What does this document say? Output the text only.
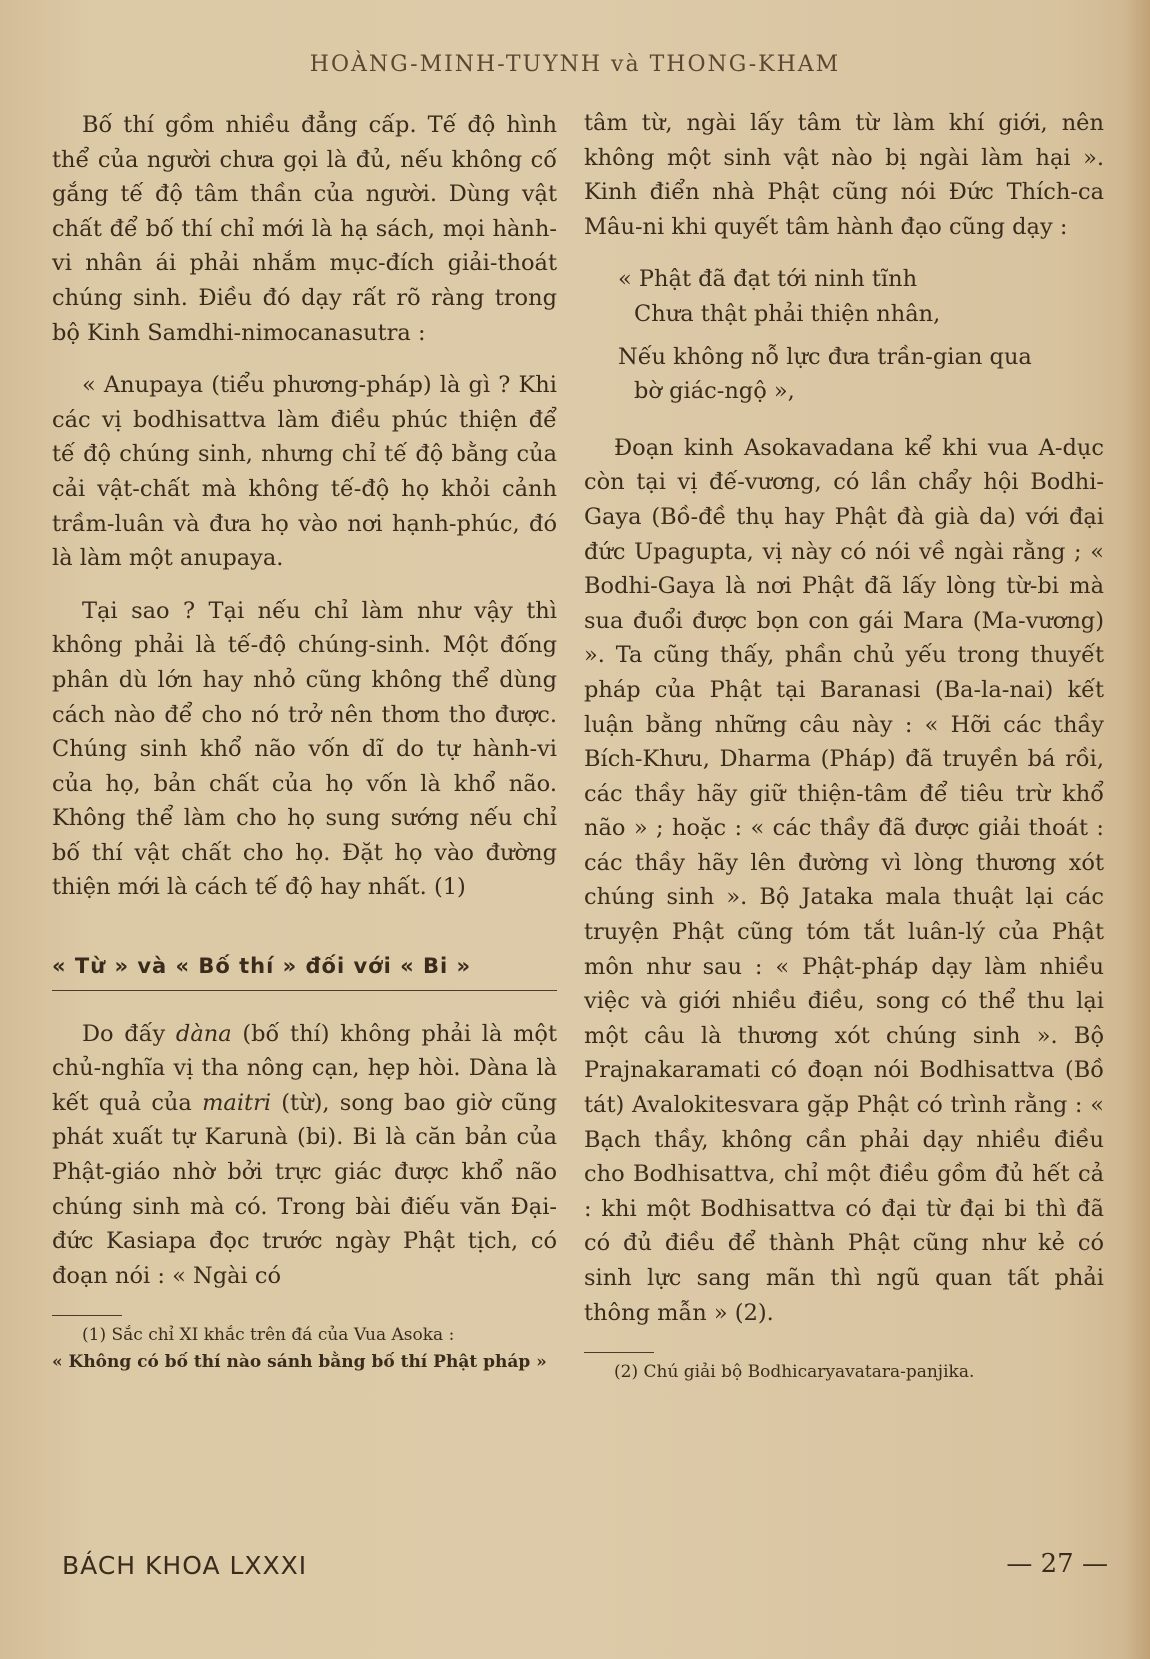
HOÀNG-MINH-TUYNH và THONG-KHAM

Bố thí gồm nhiều đẳng cấp. Tế độ hình thể của người chưa gọi là đủ, nếu không cố gắng tế độ tâm thần của người. Dùng vật chất để bố thí chỉ mới là hạ sách, mọi hành-vi nhân ái phải nhắm mục-đích giải-thoát chúng sinh. Điều đó dạy rất rõ ràng trong bộ Kinh Samdhi-nimocanasutra :

« Anupaya (tiểu phương-pháp) là gì ? Khi các vị bodhisattva làm điều phúc thiện để tế độ chúng sinh, nhưng chỉ tế độ bằng của cải vật-chất mà không tế-độ họ khỏi cảnh trầm-luân và đưa họ vào nơi hạnh-phúc, đó là làm một anupaya.

Tại sao ? Tại nếu chỉ làm như vậy thì không phải là tế-độ chúng-sinh. Một đống phân dù lớn hay nhỏ cũng không thể dùng cách nào để cho nó trở nên thơm tho được. Chúng sinh khổ não vốn dĩ do tự hành-vi của họ, bản chất của họ vốn là khổ não. Không thể làm cho họ sung sướng nếu chỉ bố thí vật chất cho họ. Đặt họ vào đường thiện mới là cách tế độ hay nhất. (1)

« Từ » và « Bố thí » đối với « Bi »

Do đấy dàna (bố thí) không phải là một chủ-nghĩa vị tha nông cạn, hẹp hòi. Dàna là kết quả của maitri (từ), song bao giờ cũng phát xuất tự Karunà (bi). Bi là căn bản của Phật-giáo nhờ bởi trực giác được khổ não chúng sinh mà có. Trong bài điếu văn Đại-đức Kasiapa đọc trước ngày Phật tịch, có đoạn nói : « Ngài có

(1) Sắc chỉ XI khắc trên đá của Vua Asoka :
« Không có bố thí nào sánh bằng bố thí Phật pháp »

tâm từ, ngài lấy tâm từ làm khí giới, nên không một sinh vật nào bị ngài làm hại ». Kinh điển nhà Phật cũng nói Đức Thích-ca Mâu-ni khi quyết tâm hành đạo cũng dạy :

« Phật đã đạt tới ninh tĩnh
Chưa thật phải thiện nhân,
Nếu không nỗ lực đưa trần-gian qua
bờ giác-ngộ »,

Đoạn kinh Asokavadana kể khi vua A-dục còn tại vị đế-vương, có lần chẩy hội Bodhi-Gaya (Bồ-đề thụ hay Phật đà già da) với đại đức Upagupta, vị này có nói về ngài rằng ; « Bodhi-Gaya là nơi Phật đã lấy lòng từ-bi mà sua đuổi được bọn con gái Mara (Ma-vương) ». Ta cũng thấy, phần chủ yếu trong thuyết pháp của Phật tại Baranasi (Ba-la-nai) kết luận bằng những câu này : « Hỡi các thầy Bích-Khưu, Dharma (Pháp) đã truyền bá rồi, các thầy hãy giữ thiện-tâm để tiêu trừ khổ não » ; hoặc : « các thầy đã được giải thoát : các thầy hãy lên đường vì lòng thương xót chúng sinh ». Bộ Jataka mala thuật lại các truyện Phật cũng tóm tắt luân-lý của Phật môn như sau : « Phật-pháp dạy làm nhiều việc và giới nhiều điều, song có thể thu lại một câu là thương xót chúng sinh ». Bộ Prajnakaramati có đoạn nói Bodhisattva (Bồ tát) Avalokitesvara gặp Phật có trình rằng : « Bạch thầy, không cần phải dạy nhiều điều cho Bodhisattva, chỉ một điều gồm đủ hết cả : khi một Bodhisattva có đại từ đại bi thì đã có đủ điều để thành Phật cũng như kẻ có sinh lực sang mãn thì ngũ quan tất phải thông mẫn » (2).

(2) Chú giải bộ Bodhicaryavatara-panjika.

BÁCH KHOA LXXXI	— 27 —
